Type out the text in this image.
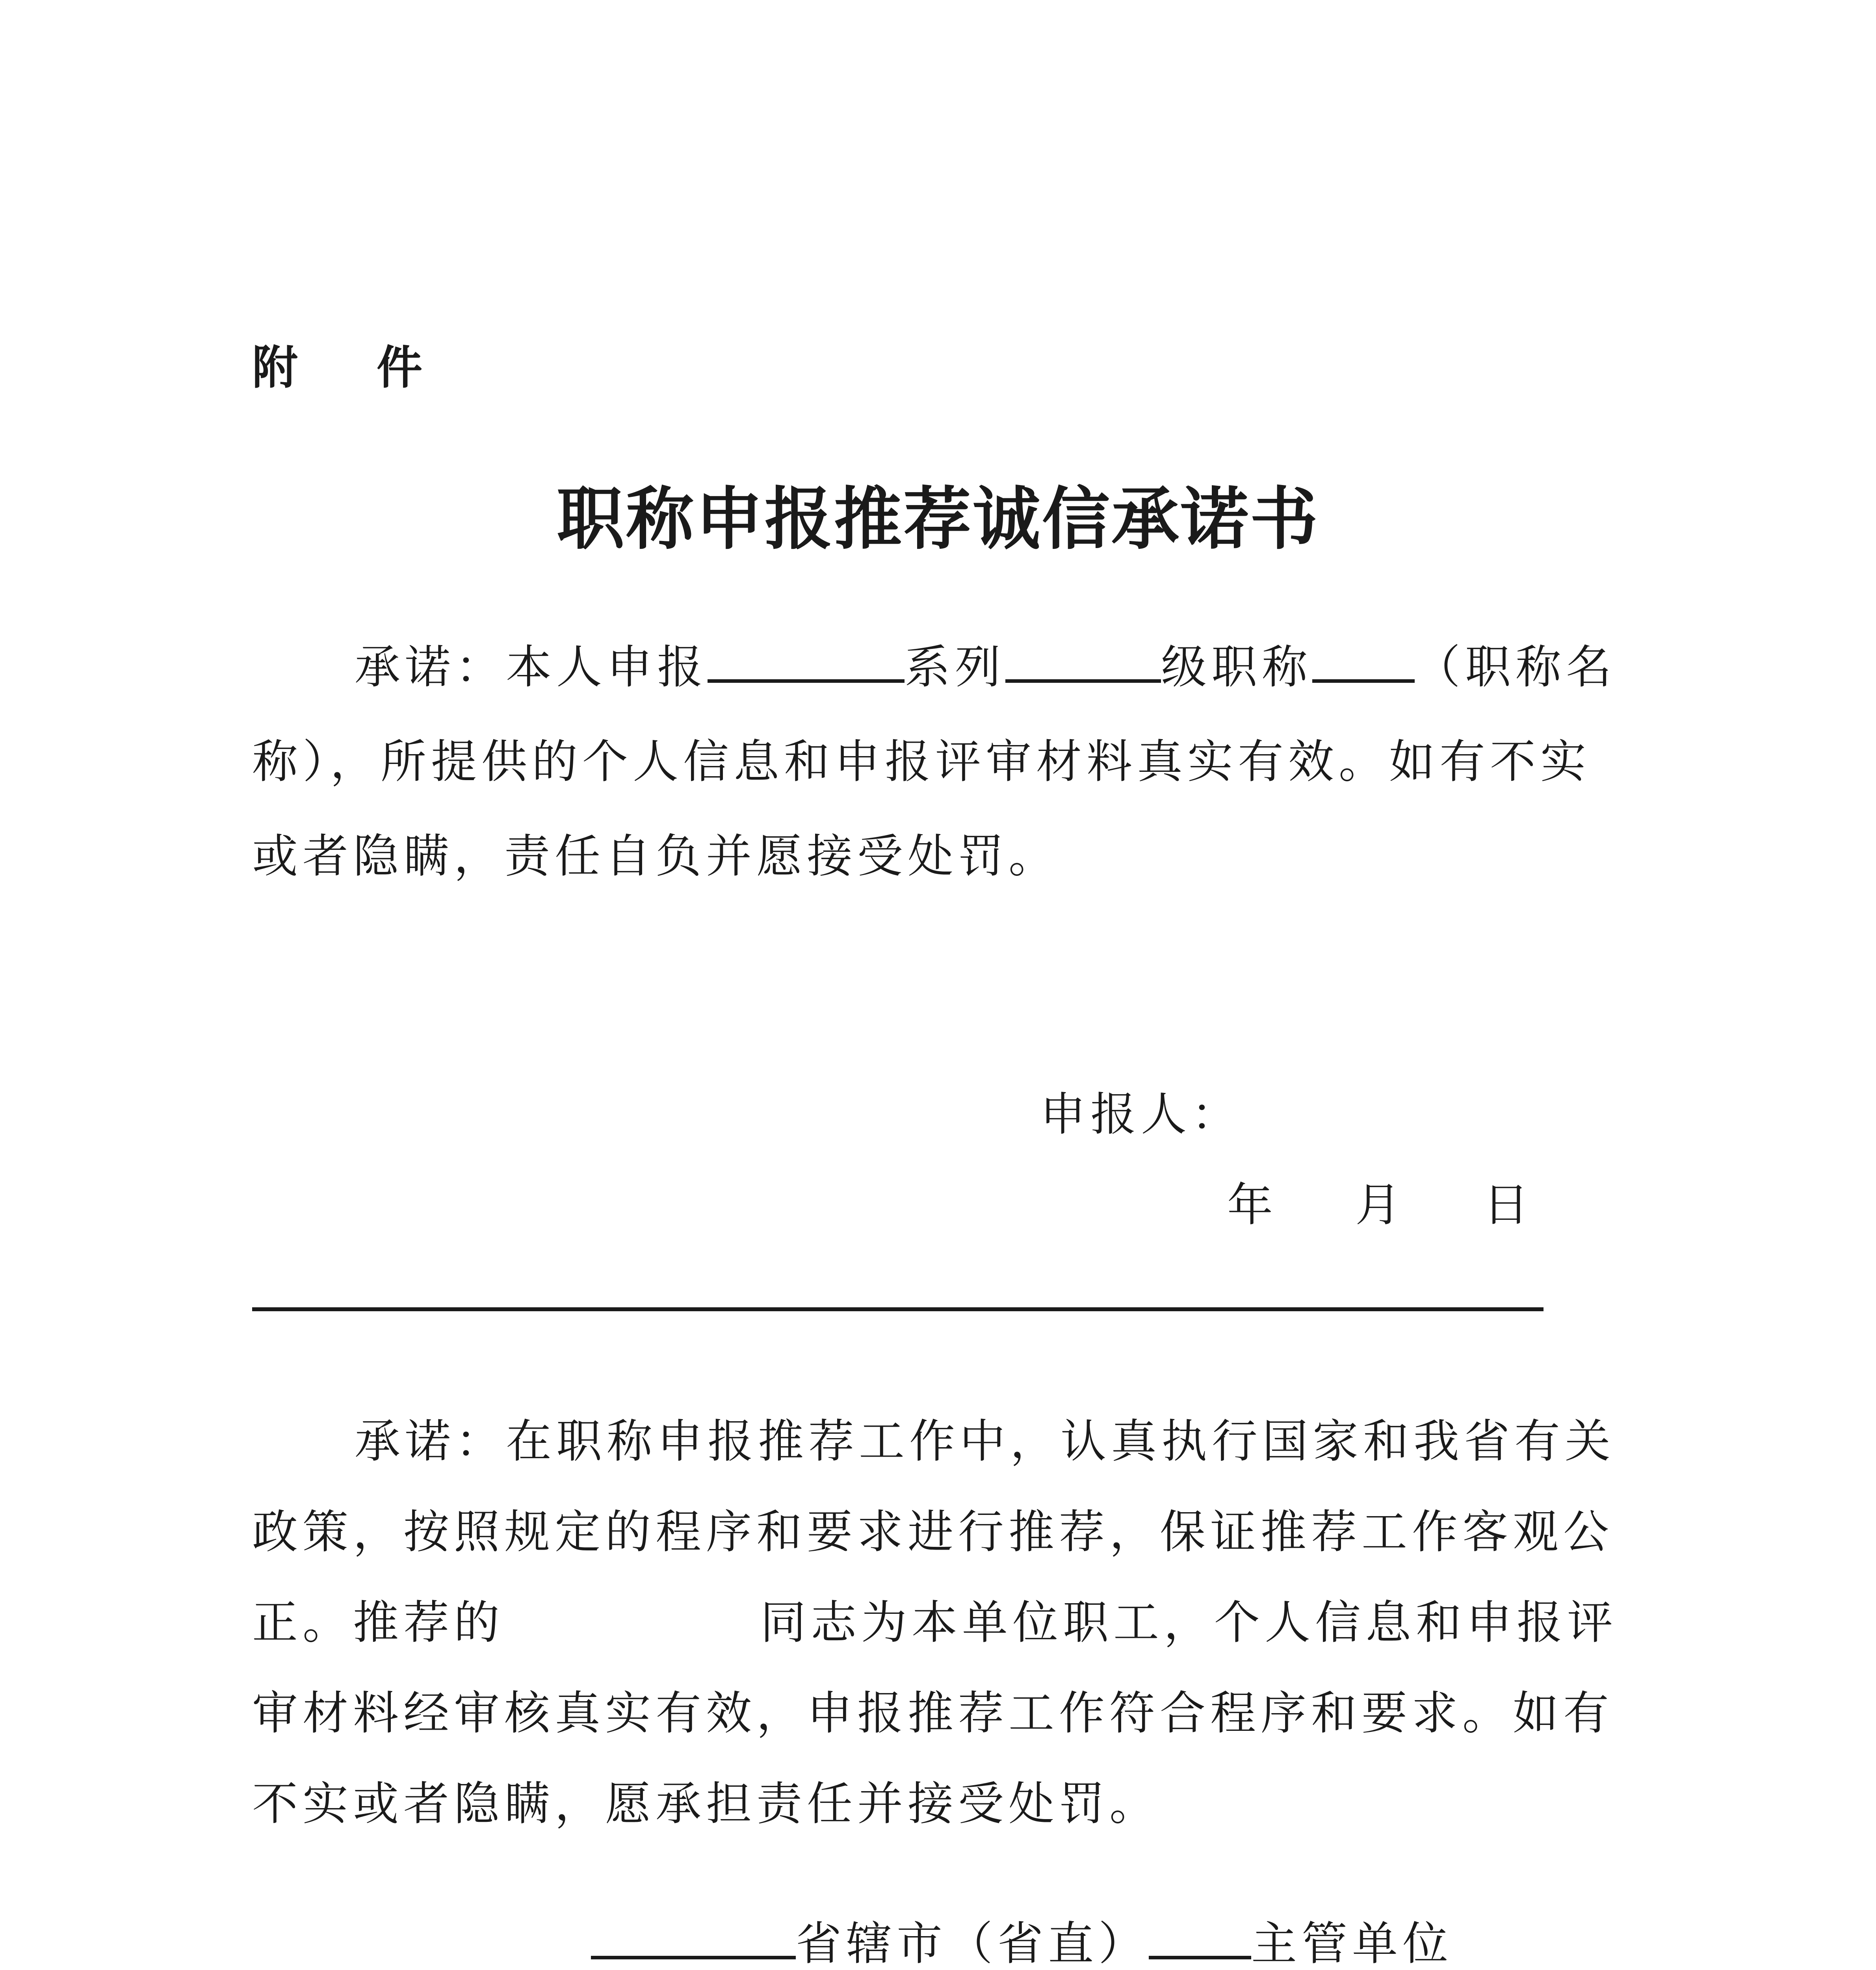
附 件
职称申报推荐诚信承诺书
承诺：本人申报	系列	级职称 （职称名
称），所提供的个人信息和申报评审材料真实有效。如有不实
或者隐瞒，责任自负并愿接受处罚。
申报人：
年 月 日
承诺：在职称申报推荐工作中，认真执行国家和我省有关
政策，按照规定的程序和要求进行推荐，保证推荐工作客观公
正。推荐的	同志为本单位职工，个人信息和申报评
审材料经审核真实有效，申报推荐工作符合程序和要求。如有
不实或者隐瞒，愿承担责任并接受处罚。
省辖市（省直） 主管单位
